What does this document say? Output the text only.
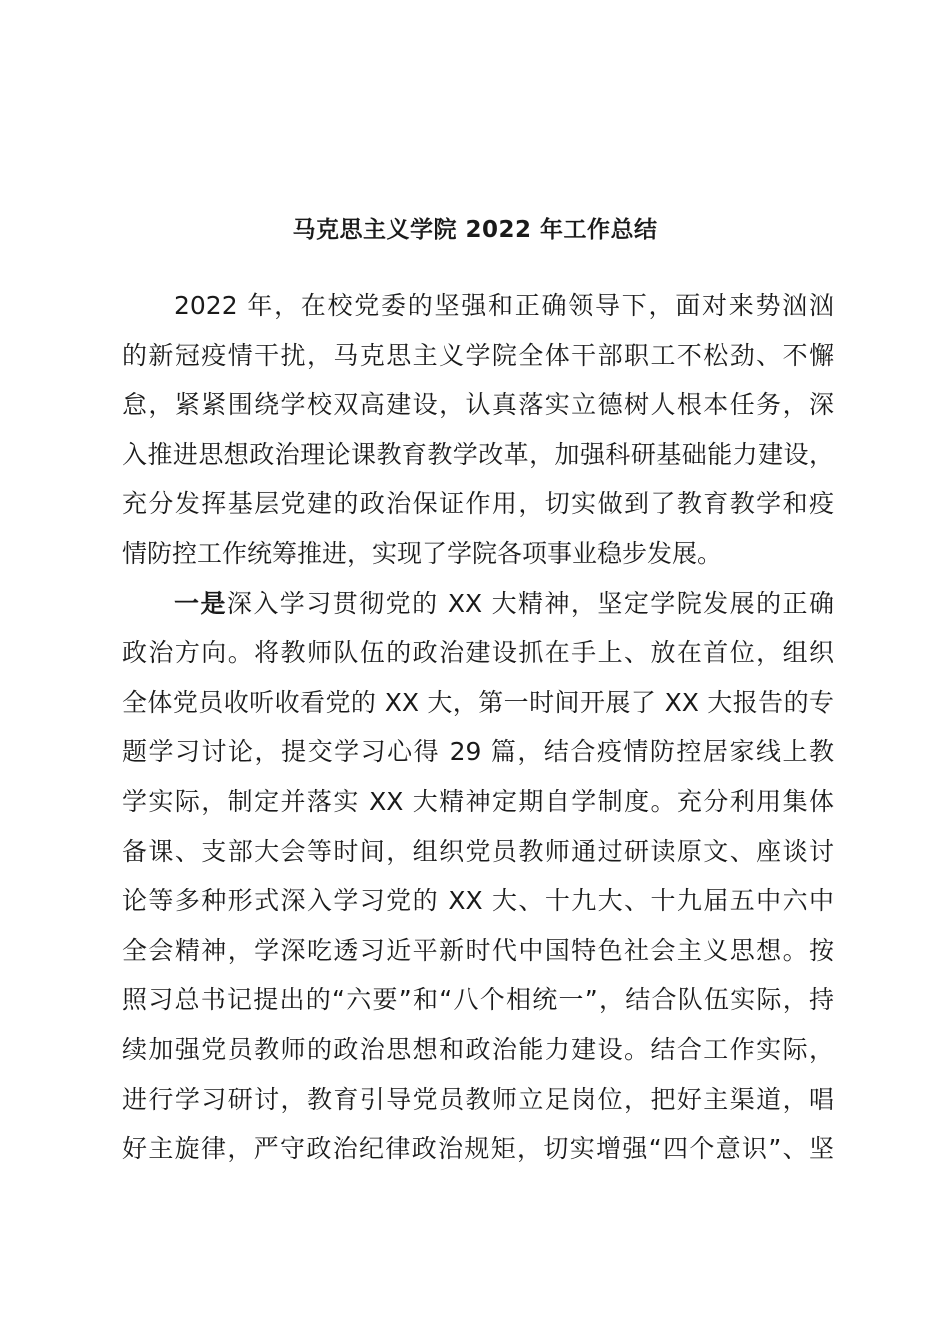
马克思主义学院 2022 年工作总结
2022 年，在校党委的坚强和正确领导下，面对来势汹汹
的新冠疫情干扰，马克思主义学院全体干部职工不松劲、不懈
怠，紧紧围绕学校双高建设，认真落实立德树人根本任务，深
入推进思想政治理论课教育教学改革，加强科研基础能力建设，
充分发挥基层党建的政治保证作用，切实做到了教育教学和疫
情防控工作统筹推进，实现了学院各项事业稳步发展。
一是深入学习贯彻党的 XX 大精神，坚定学院发展的正确
政治方向。将教师队伍的政治建设抓在手上、放在首位，组织
全体党员收听收看党的 XX 大，第一时间开展了 XX 大报告的专
题学习讨论，提交学习心得 29 篇，结合疫情防控居家线上教
学实际，制定并落实 XX 大精神定期自学制度。充分利用集体
备课、支部大会等时间，组织党员教师通过研读原文、座谈讨
论等多种形式深入学习党的 XX 大、十九大、十九届五中六中
全会精神，学深吃透习近平新时代中国特色社会主义思想。按
照习总书记提出的“六要”和“八个相统一”，结合队伍实际，持
续加强党员教师的政治思想和政治能力建设。结合工作实际，
进行学习研讨，教育引导党员教师立足岗位，把好主渠道，唱
好主旋律，严守政治纪律政治规矩，切实增强“四个意识”、坚
